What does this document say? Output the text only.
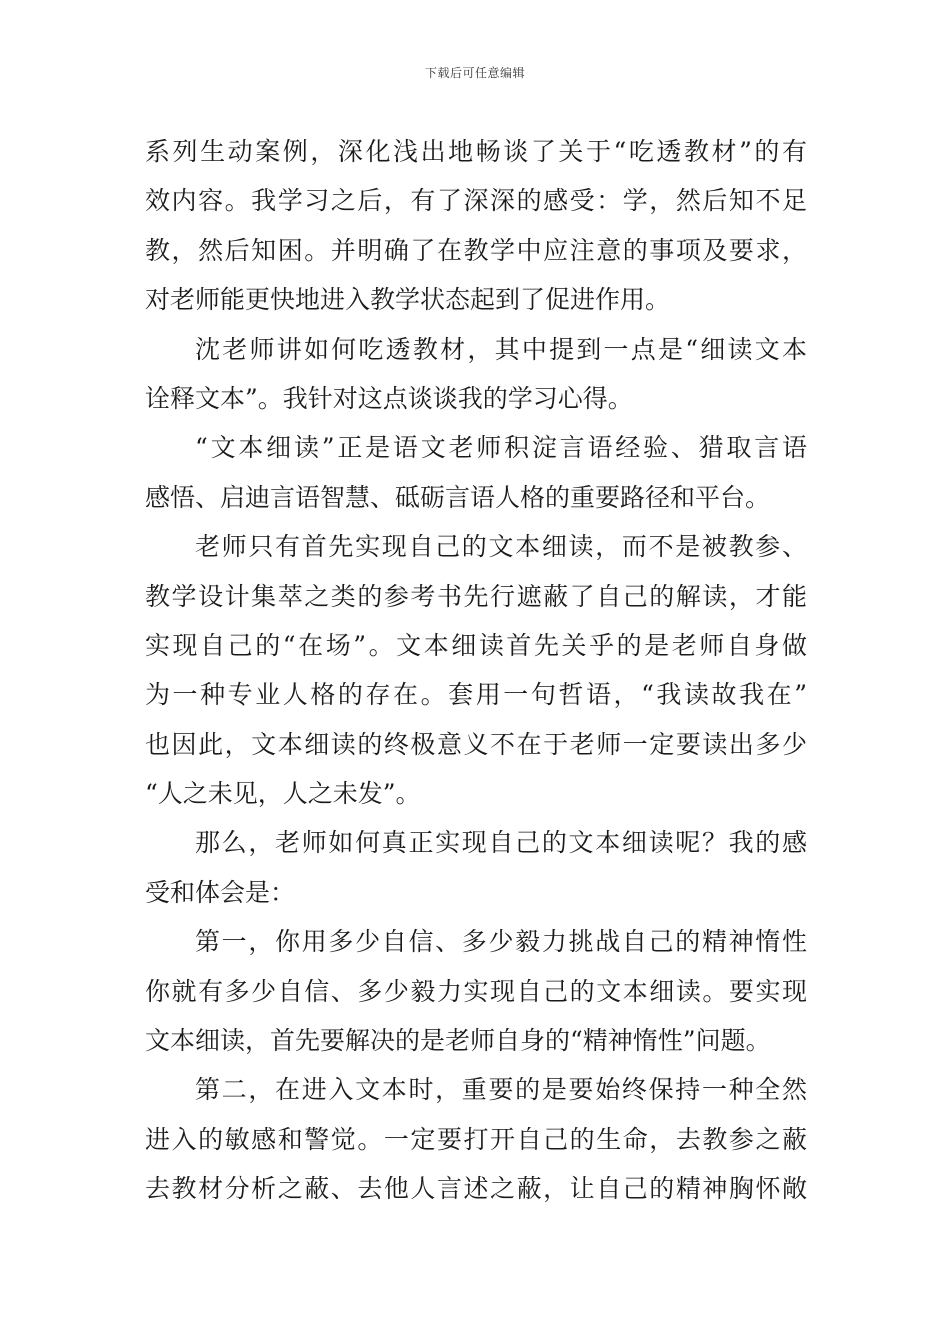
下载后可任意编辑
系列生动案例，深化浅出地畅谈了关于“吃透教材”的有
效内容。我学习之后，有了深深的感受：学，然后知不足
教，然后知困。并明确了在教学中应注意的事项及要求，
对老师能更快地进入教学状态起到了促进作用。
沈老师讲如何吃透教材，其中提到一点是“细读文本
诠释文本”。我针对这点谈谈我的学习心得。
“文本细读”正是语文老师积淀言语经验、猎取言语
感悟、启迪言语智慧、砥砺言语人格的重要路径和平台。
老师只有首先实现自己的文本细读，而不是被教参、
教学设计集萃之类的参考书先行遮蔽了自己的解读，才能
实现自己的“在场”。文本细读首先关乎的是老师自身做
为一种专业人格的存在。套用一句哲语，“我读故我在”
也因此，文本细读的终极意义不在于老师一定要读出多少
“人之未见，人之未发”。
那么，老师如何真正实现自己的文本细读呢？我的感
受和体会是：
第一，你用多少自信、多少毅力挑战自己的精神惰性
你就有多少自信、多少毅力实现自己的文本细读。要实现
文本细读，首先要解决的是老师自身的“精神惰性”问题。
第二，在进入文本时，重要的是要始终保持一种全然
进入的敏感和警觉。一定要打开自己的生命，去教参之蔽
去教材分析之蔽、去他人言述之蔽，让自己的精神胸怀敞
